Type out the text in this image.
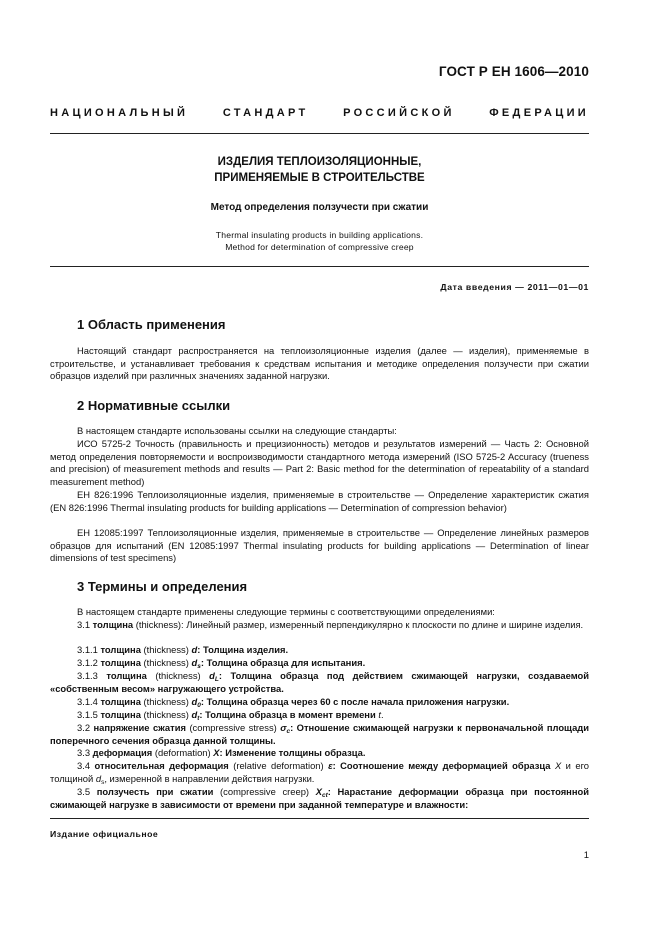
ГОСТ Р ЕН 1606—2010
НАЦИОНАЛЬНЫЙ СТАНДАРТ РОССИЙСКОЙ ФЕДЕРАЦИИ
ИЗДЕЛИЯ ТЕПЛОИЗОЛЯЦИОННЫЕ,
ПРИМЕНЯЕМЫЕ В СТРОИТЕЛЬСТВЕ
Метод определения ползучести при сжатии
Thermal insulating products in building applications.
Method for determination of compressive creep
Дата введения — 2011—01—01
1 Область применения

Настоящий стандарт распространяется на теплоизоляционные изделия (далее — изделия), применяемые в строительстве, и устанавливает требования к средствам испытания и методике определения ползучести при сжатии образцов изделий при различных значениях заданной нагрузки.

2 Нормативные ссылки

В настоящем стандарте использованы ссылки на следующие стандарты:

ИСО 5725-2 Точность (правильность и прецизионность) методов и результатов измерений — Часть 2: Основной метод определения повторяемости и воспроизводимости стандартного метода измерений (ISO 5725-2 Accuracy (trueness and precision) of measurement methods and results — Part 2: Basic method for the determination of repeatability of a standard measurement method)

ЕН 826:1996 Теплоизоляционные изделия, применяемые в строительстве — Определение характеристик сжатия (EN 826:1996 Thermal insulating products for building applications — Determination of compression behavior)

ЕН 12085:1997 Теплоизоляционные изделия, применяемые в строительстве — Определение линейных размеров образцов для испытаний (EN 12085:1997 Thermal insulating products for building applications — Determination of linear dimensions of test specimens)

3 Термины и определения

В настоящем стандарте применены следующие термины с соответствующими определениями:

3.1 толщина (thickness): Линейный размер, измеренный перпендикулярно к плоскости по длине и ширине изделия.

3.1.1 толщина (thickness) d: Толщина изделия.

3.1.2 толщина (thickness) $d_s$: Толщина образца для испытания.

3.1.3 толщина (thickness) $d_L$: Толщина образца под действием сжимающей нагрузки, создаваемой «собственным весом» нагружающего устройства.

3.1.4 толщина (thickness) $d_0$: Толщина образца через 60 с после начала приложения нагрузки.

3.1.5 толщина (thickness) $d_t$: Толщина образца в момент времени t.

3.2 напряжение сжатия (compressive stress) $\sigma_c$: Отношение сжимающей нагрузки к первоначальной площади поперечного сечения образца данной толщины.

3.3 деформация (deformation) X: Изменение толщины образца.

3.4 относительная деформация (relative deformation) ε: Соотношение между деформацией образца X и его толщиной $d_s$, измеренной в направлении действия нагрузки.

3.5 ползучесть при сжатии (compressive creep) $X_{ct}$: Нарастание деформации образца при постоянной сжимающей нагрузке в зависимости от времени при заданной температуре и влажности:

Издание официальное
1
